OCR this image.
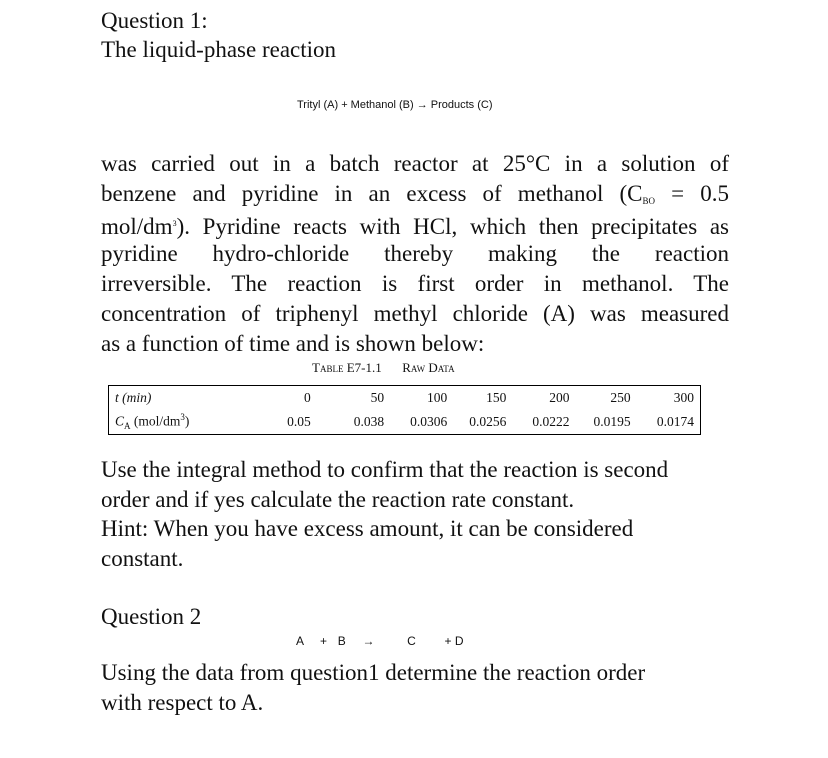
Question 1:
The liquid-phase reaction
Trityl (A) + Methanol (B) → Products (C)
was carried out in a batch reactor at 25°C in a solution of
benzene and pyridine in an excess of methanol ($C_{BO} = 0.5$
mol/$dm^3$). Pyridine reacts with HCl, which then precipitates as
pyridine hydro-chloride thereby making the reaction
irreversible. The reaction is first order in methanol. The
concentration of triphenyl methyl chloride (A) was measured
as a function of time and is shown below:
Table E7-1.1 Raw Data
t (min)	0	50	100	150	200	250	300
$C_A$ $(mol/dm^3)$	0.05	0.038	0.0306	0.0256	0.0222	0.0195	0.0174
Use the integral method to confirm that the reaction is second
order and if yes calculate the reaction rate constant.
Hint: When you have excess amount, it can be considered
constant.
Question 2
A + B →	C + D
Using the data from question1 determine the reaction order
with respect to A.
